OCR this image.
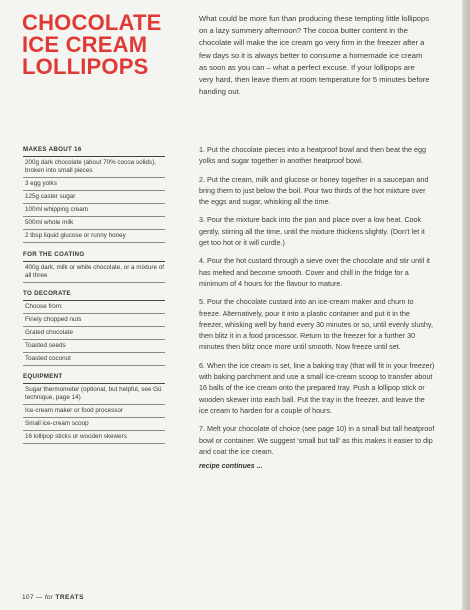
CHOCOLATE
ICE CREAM
LOLLIPOPS
What could be more fun than producing these tempting little lollipops on a lazy summery afternoon? The cocoa butter content in the chocolate will make the ice cream go very firm in the freezer after a few days so it is always better to consume a homemade ice cream as soon as you can – what a perfect excuse. If your lollipops are very hard, then leave them at room temperature for 5 minutes before handing out.
MAKES ABOUT 16
200g dark chocolate (about 70% cocoa solids), broken into small pieces
3 egg yolks
125g caster sugar
100ml whipping cream
500ml whole milk
2 tbsp liquid glucose or runny honey
FOR THE COATING
400g dark, milk or white chocolate, or a mixture of all three
TO DECORATE
Choose from:
Finely chopped nuts
Grated chocolate
Toasted seeds
Toasted coconut
EQUIPMENT
Sugar thermometer (optional, but helpful, see Gü technique, page 14)
Ice-cream maker or food processor
Small ice-cream scoop
16 lollipop sticks or wooden skewers
1. Put the chocolate pieces into a heatproof bowl and then beat the egg yolks and sugar together in another heatproof bowl.
2. Put the cream, milk and glucose or honey together in a saucepan and bring them to just below the boil. Pour two thirds of the hot mixture over the eggs and sugar, whisking all the time.
3. Pour the mixture back into the pan and place over a low heat. Cook gently, stirring all the time, until the mixture thickens slightly. (Don’t let it get too hot or it will curdle.)
4. Pour the hot custard through a sieve over the chocolate and stir until it has melted and become smooth. Cover and chill in the fridge for a minimum of 4 hours for the flavour to mature.
5. Pour the chocolate custard into an ice-cream maker and churn to freeze. Alternatively, pour it into a plastic container and put it in the freezer, whisking well by hand every 30 minutes or so, until evenly slushy, then blitz it in a food processor. Return to the freezer for a further 30 minutes then blitz once more until smooth. Now freeze until set.
6. When the ice cream is set, line a baking tray (that will fit in your freezer) with baking parchment and use a small ice-cream scoop to transfer about 16 balls of the ice cream onto the prepared tray. Push a lollipop stick or wooden skewer into each ball. Put the tray in the freezer, and leave the ice cream to harden for a couple of hours.
7. Melt your chocolate of choice (see page 10) in a small but tall heatproof bowl or container. We suggest ‘small but tall’ as this makes it easier to dip and coat the ice cream.
recipe continues ...
107 — for TREATS
